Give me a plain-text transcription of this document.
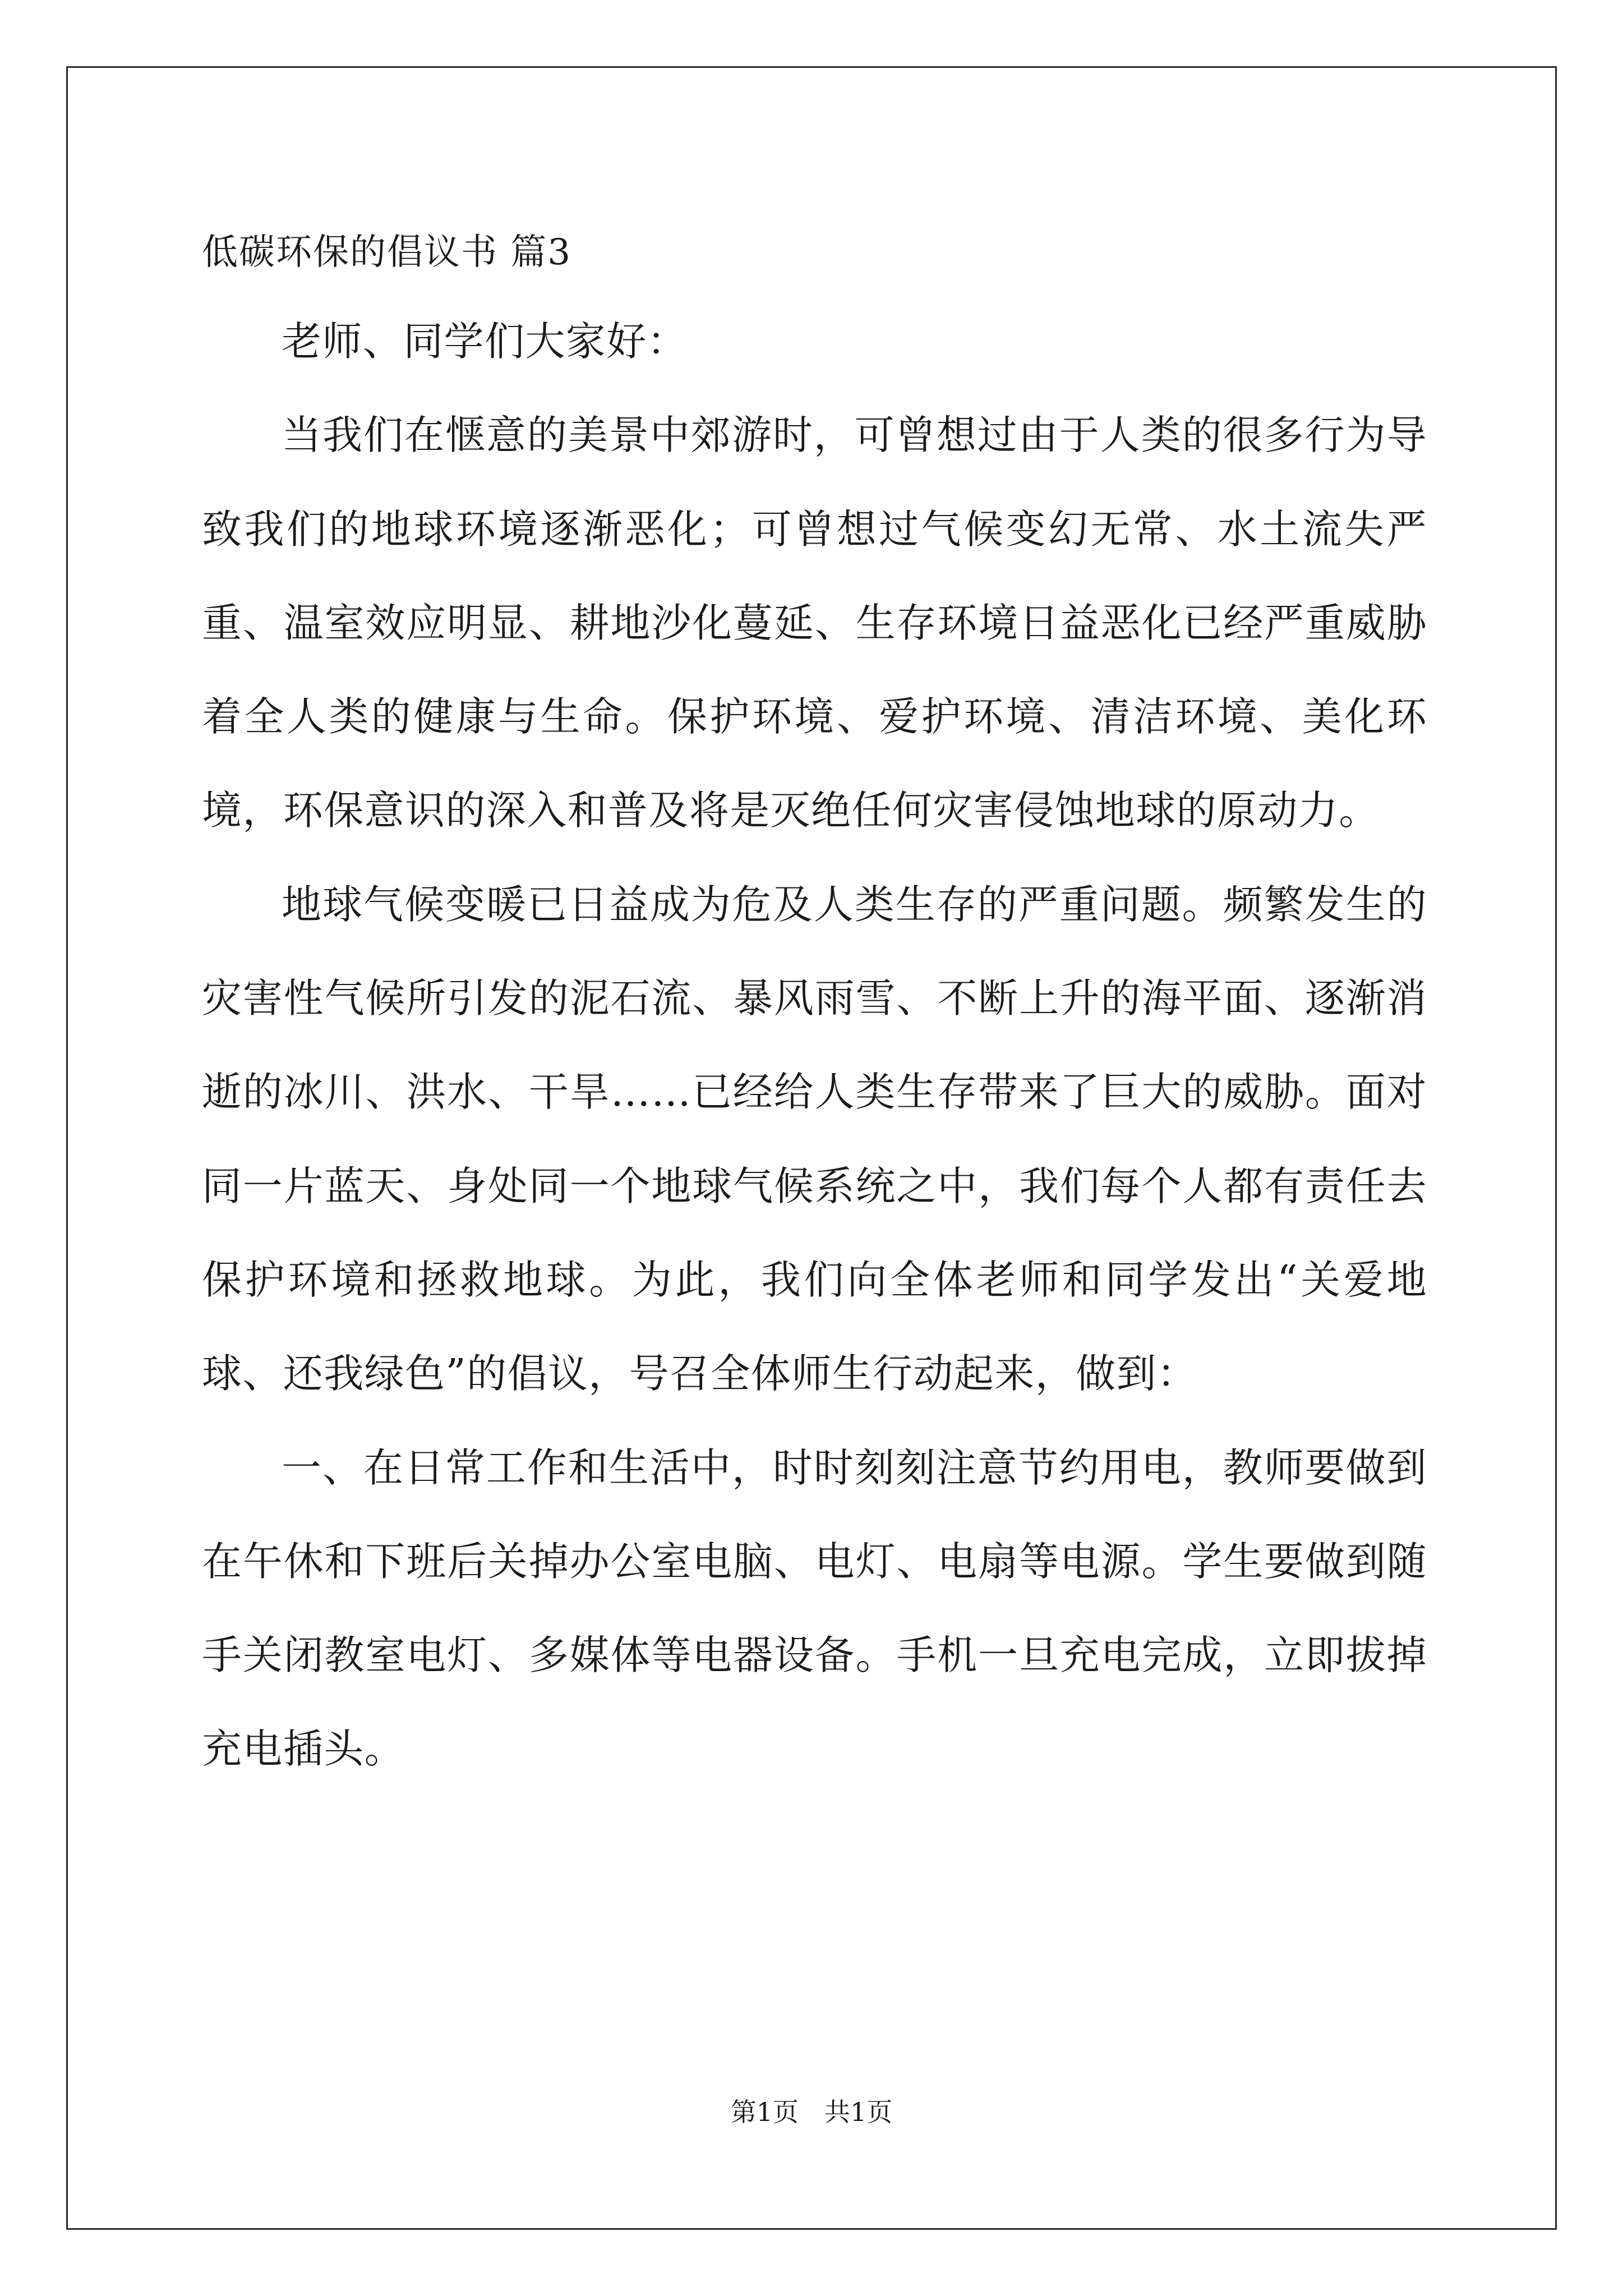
低碳环保的倡议书 篇3

老师、同学们大家好：

当我们在惬意的美景中郊游时，可曾想过由于人类的很多行为导致我们的地球环境逐渐恶化；可曾想过气候变幻无常、水土流失严重、温室效应明显、耕地沙化蔓延、生存环境日益恶化已经严重威胁着全人类的健康与生命。保护环境、爱护环境、清洁环境、美化环境，环保意识的深入和普及将是灭绝任何灾害侵蚀地球的原动力。

地球气候变暖已日益成为危及人类生存的严重问题。频繁发生的灾害性气候所引发的泥石流、暴风雨雪、不断上升的海平面、逐渐消逝的冰川、洪水、干旱……已经给人类生存带来了巨大的威胁。面对同一片蓝天、身处同一个地球气候系统之中，我们每个人都有责任去保护环境和拯救地球。为此，我们向全体老师和同学发出“关爱地球、还我绿色”的倡议，号召全体师生行动起来，做到：

一、在日常工作和生活中，时时刻刻注意节约用电，教师要做到在午休和下班后关掉办公室电脑、电灯、电扇等电源。学生要做到随手关闭教室电灯、多媒体等电器设备。手机一旦充电完成，立即拔掉充电插头。

第1页　共1页
